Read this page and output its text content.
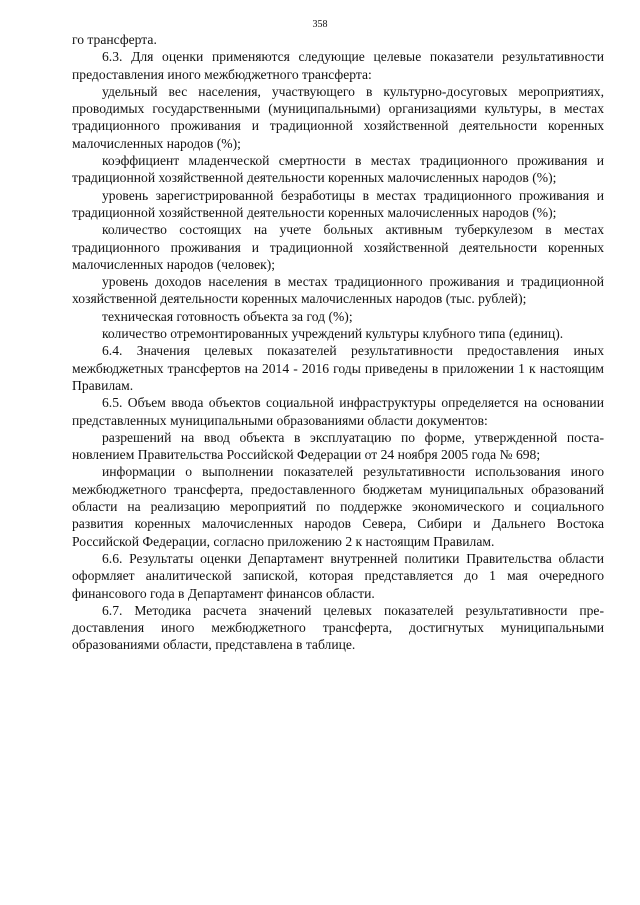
358

го трансферта.

6.3. Для оценки применяются следующие целевые показатели результативности предоставления иного межбюджетного трансферта:

удельный вес населения, участвующего в культурно-досуговых мероприятиях, проводимых государственными (муниципальными) организациями культуры, в местах традиционного проживания и традиционной хозяйственной деятельности коренных малочисленных народов (%);

коэффициент младенческой смертности в местах традиционного проживания и традиционной хозяйственной деятельности коренных малочисленных народов (%);

уровень зарегистрированной безработицы в местах традиционного проживания и традиционной хозяйственной деятельности коренных малочисленных народов (%);

количество состоящих на учете больных активным туберкулезом в местах традиционного проживания и традиционной хозяйственной деятельности коренных малочисленных народов (человек);

уровень доходов населения в местах традиционного проживания и традиционной хозяйственной деятельности коренных малочисленных народов (тыс. рублей);

техническая готовность объекта за год (%);

количество отремонтированных учреждений культуры клубного типа (единиц).

6.4. Значения целевых показателей результативности предоставления иных межбюджетных трансфертов на 2014 - 2016 годы приведены в приложении 1 к настоящим Правилам.

6.5. Объем ввода объектов социальной инфраструктуры определяется на основании представленных муниципальными образованиями области документов:

разрешений на ввод объекта в эксплуатацию по форме, утвержденной постановлением Правительства Российской Федерации от 24 ноября 2005 года № 698;

информации о выполнении показателей результативности использования иного межбюджетного трансферта, предоставленного бюджетам муниципальных образований области на реализацию мероприятий по поддержке экономического и социального развития коренных малочисленных народов Севера, Сибири и Дальнего Востока Российской Федерации, согласно приложению 2 к настоящим Правилам.

6.6. Результаты оценки Департамент внутренней политики Правительства области оформляет аналитической запиской, которая представляется до 1 мая очередного финансового года в Департамент финансов области.

6.7. Методика расчета значений целевых показателей результативности предоставления иного межбюджетного трансферта, достигнутых муниципальными образованиями области, представлена в таблице.
